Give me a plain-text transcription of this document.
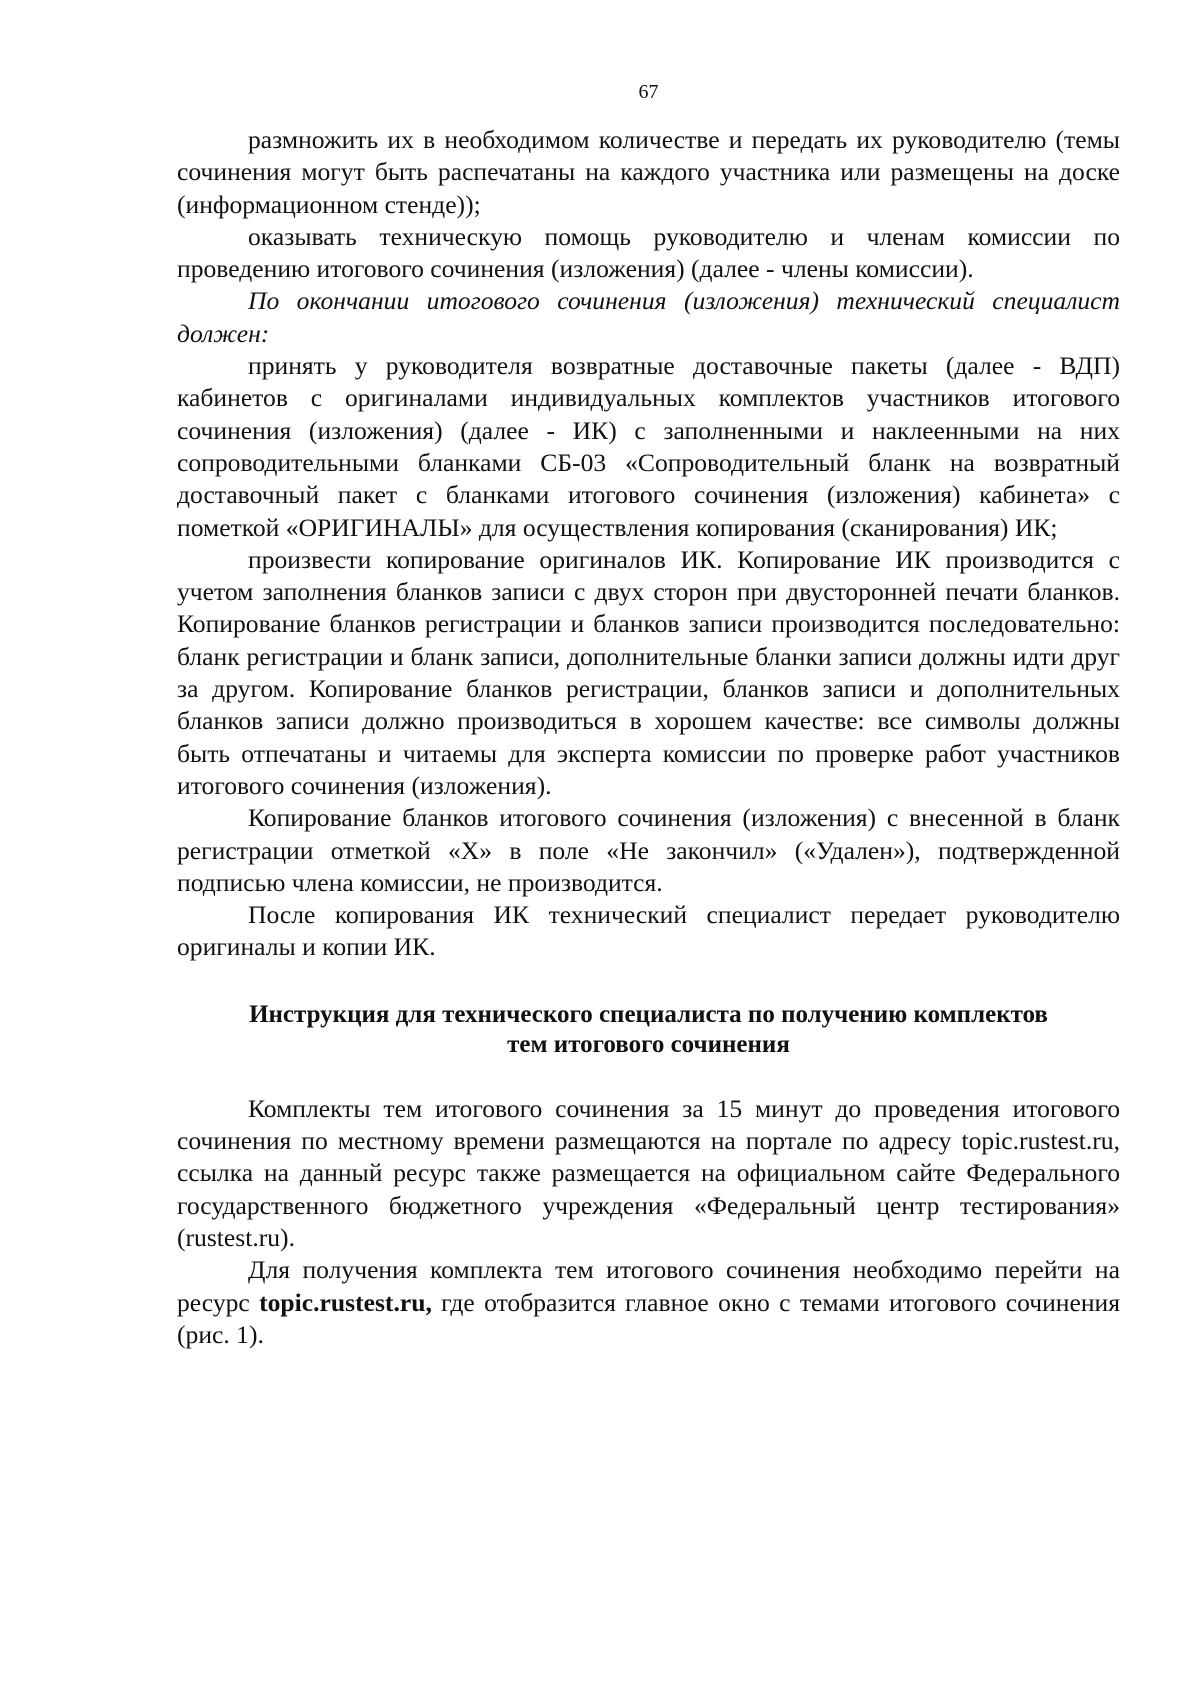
67

размножить их в необходимом количестве и передать их руководителю (темы сочинения могут быть распечатаны на каждого участника или размещены на доске (информационном стенде));

оказывать техническую помощь руководителю и членам комиссии по проведению итогового сочинения (изложения) (далее - члены комиссии).

По окончании итогового сочинения (изложения) технический специалист должен:

принять у руководителя возвратные доставочные пакеты (далее - ВДП) кабинетов с оригиналами индивидуальных комплектов участников итогового сочинения (изложения) (далее - ИК) с заполненными и наклеенными на них сопроводительными бланками СБ-03 «Сопроводительный бланк на возвратный доставочный пакет с бланками итогового сочинения (изложения) кабинета» с пометкой «ОРИГИНАЛЫ» для осуществления копирования (сканирования) ИК;

произвести копирование оригиналов ИК. Копирование ИК производится с учетом заполнения бланков записи с двух сторон при двусторонней печати бланков. Копирование бланков регистрации и бланков записи производится последовательно: бланк регистрации и бланк записи, дополнительные бланки записи должны идти друг за другом. Копирование бланков регистрации, бланков записи и дополнительных бланков записи должно производиться в хорошем качестве: все символы должны быть отпечатаны и читаемы для эксперта комиссии по проверке работ участников итогового сочинения (изложения).

Копирование бланков итогового сочинения (изложения) с внесенной в бланк регистрации отметкой «Х» в поле «Не закончил» («Удален»), подтвержденной подписью члена комиссии, не производится.

После копирования ИК технический специалист передает руководителю оригиналы и копии ИК.

Инструкция для технического специалиста по получению комплектов
тем итогового сочинения

Комплекты тем итогового сочинения за 15 минут до проведения итогового сочинения по местному времени размещаются на портале по адресу topic.rustest.ru, ссылка на данный ресурс также размещается на официальном сайте Федерального государственного бюджетного учреждения «Федеральный центр тестирования» (rustest.ru).

Для получения комплекта тем итогового сочинения необходимо перейти на ресурс topic.rustest.ru, где отобразится главное окно с темами итогового сочинения (рис. 1).
